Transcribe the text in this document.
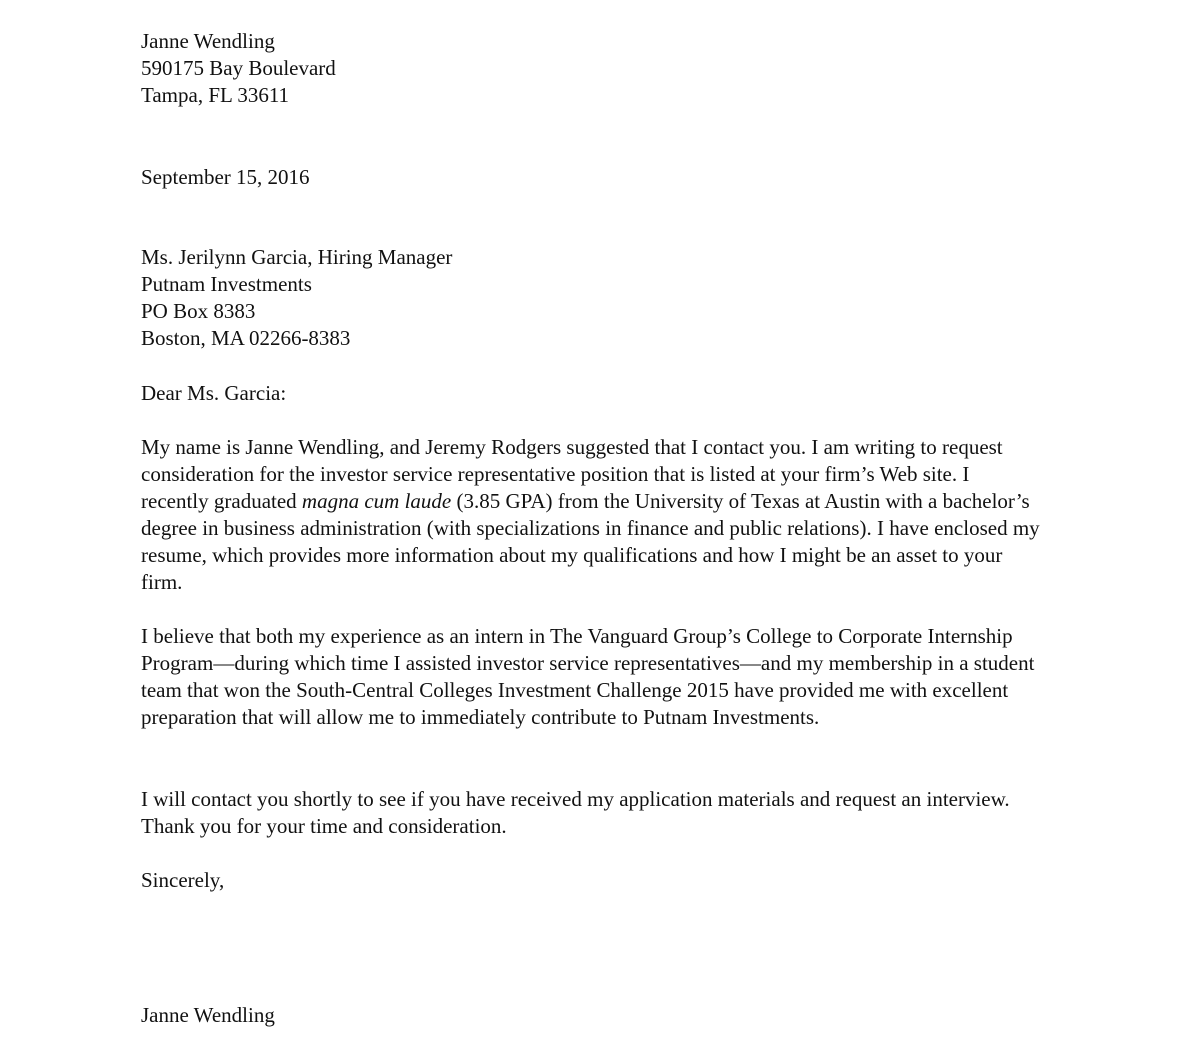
Janne Wendling
590175 Bay Boulevard
Tampa, FL 33611
September 15, 2016
Ms. Jerilynn Garcia, Hiring Manager
Putnam Investments
PO Box 8383
Boston, MA 02266-8383
Dear Ms. Garcia:

My name is Janne Wendling, and Jeremy Rodgers suggested that I contact you. I am writing to request consideration for the investor service representative position that is listed at your firm’s Web site. I recently graduated magna cum laude (3.85 GPA) from the University of Texas at Austin with a bachelor’s degree in business administration (with specializations in finance and public relations). I have enclosed my resume, which provides more information about my qualifications and how I might be an asset to your firm.

I believe that both my experience as an intern in The Vanguard Group’s College to Corporate Internship Program—during which time I assisted investor service representatives—and my membership in a student team that won the South-Central Colleges Investment Challenge 2015 have provided me with excellent preparation that will allow me to immediately contribute to Putnam Investments.

I will contact you shortly to see if you have received my application materials and request an interview. Thank you for your time and consideration.

Sincerely,
Janne Wendling
